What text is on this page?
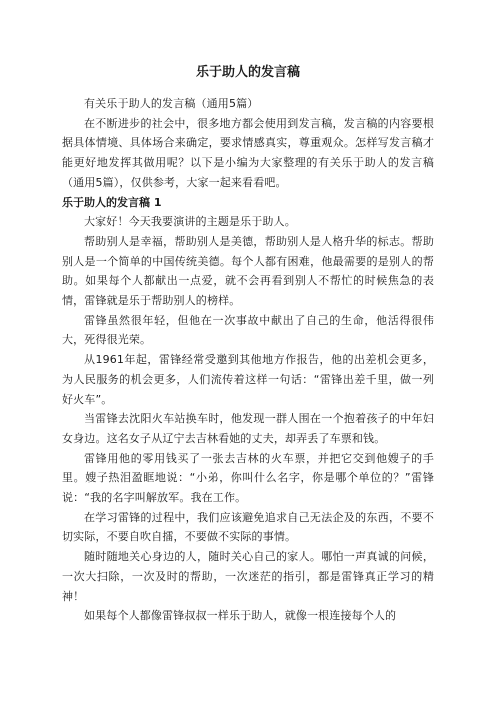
乐于助人的发言稿

有关乐于助人的发言稿（通用5篇）

在不断进步的社会中，很多地方都会使用到发言稿，发言稿的内容要根据具体情境、具体场合来确定，要求情感真实，尊重观众。怎样写发言稿才能更好地发挥其做用呢？以下是小编为大家整理的有关乐于助人的发言稿（通用5篇），仅供参考，大家一起来看看吧。

乐于助人的发言稿 1

大家好！今天我要演讲的主题是乐于助人。

帮助别人是幸福，帮助别人是美德，帮助别人是人格升华的标志。帮助别人是一个简单的中国传统美德。每个人都有困难，他最需要的是别人的帮助。如果每个人都献出一点爱，就不会再看到别人不帮忙的时候焦急的表情，雷锋就是乐于帮助别人的榜样。

雷锋虽然很年轻，但他在一次事故中献出了自己的生命，他活得很伟大，死得很光荣。

从1961年起，雷锋经常受邀到其他地方作报告，他的出差机会更多，为人民服务的机会更多，人们流传着这样一句话：“雷锋出差千里，做一列好火车”。

当雷锋去沈阳火车站换车时，他发现一群人围在一个抱着孩子的中年妇女身边。这名女子从辽宁去吉林看她的丈夫，却弄丢了车票和钱。

雷锋用他的零用钱买了一张去吉林的火车票，并把它交到他嫂子的手里。嫂子热泪盈眶地说：“小弟，你叫什么名字，你是哪个单位的？”雷锋说：“我的名字叫解放军。我在工作。

在学习雷锋的过程中，我们应该避免追求自己无法企及的东西，不要不切实际，不要自吹自擂，不要做不实际的事情。

随时随地关心身边的人，随时关心自己的家人。哪怕一声真诚的问候，一次大扫除，一次及时的帮助，一次迷茫的指引，都是雷锋真正学习的精神！

如果每个人都像雷锋叔叔一样乐于助人，就像一根连接每个人的
